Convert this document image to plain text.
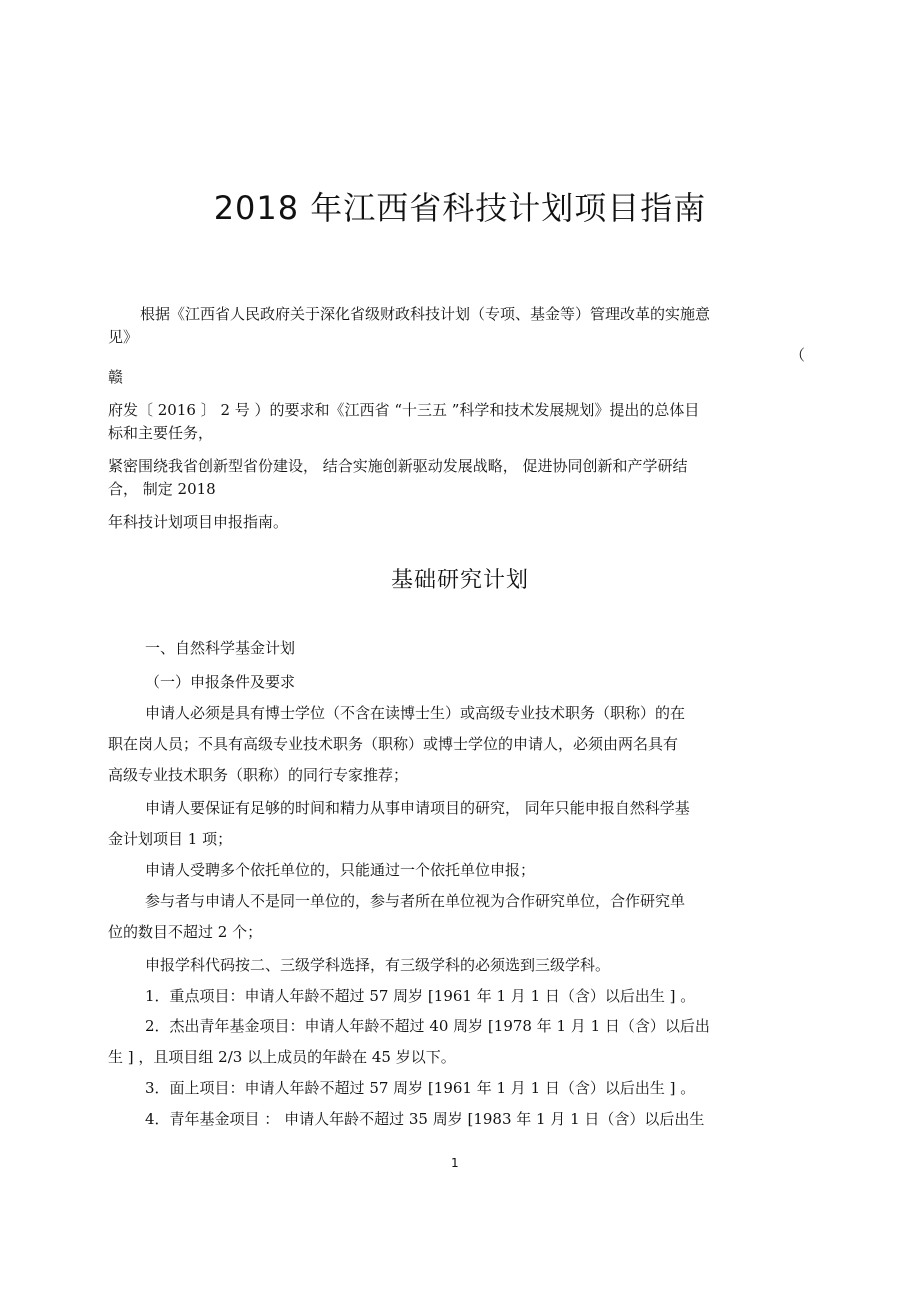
2018 年江西省科技计划项目指南
根据《江西省人民政府关于深化省级财政科技计划（专项、基金等）管理改革的实施意
见》
（
赣
府发〔 2016 〕 2 号 ）的要求和《江西省 “十三五 ”科学和技术发展规划》提出的总体目
标和主要任务，
紧密围绕我省创新型省份建设， 结合实施创新驱动发展战略， 促进协同创新和产学研结
合， 制定 2018
年科技计划项目申报指南。
基础研究计划
一、自然科学基金计划
（一）申报条件及要求
申请人必须是具有博士学位（不含在读博士生）或高级专业技术职务（职称）的在
职在岗人员；不具有高级专业技术职务（职称）或博士学位的申请人，必须由两名具有
高级专业技术职务（职称）的同行专家推荐；
申请人要保证有足够的时间和精力从事申请项目的研究， 同年只能申报自然科学基
金计划项目 1 项；
申请人受聘多个依托单位的，只能通过一个依托单位申报；
参与者与申请人不是同一单位的，参与者所在单位视为合作研究单位，合作研究单
位的数目不超过 2 个；
申报学科代码按二、三级学科选择，有三级学科的必须选到三级学科。
1．重点项目：申请人年龄不超过 57 周岁 [1961 年 1 月 1 日（含）以后出生 ] 。
2．杰出青年基金项目：申请人年龄不超过 40 周岁 [1978 年 1 月 1 日（含）以后出
生 ] ，且项目组 2/3 以上成员的年龄在 45 岁以下。
3．面上项目：申请人年龄不超过 57 周岁 [1961 年 1 月 1 日（含）以后出生 ] 。
4．青年基金项目 ： 申请人年龄不超过 35 周岁 [1983 年 1 月 1 日（含）以后出生
1
